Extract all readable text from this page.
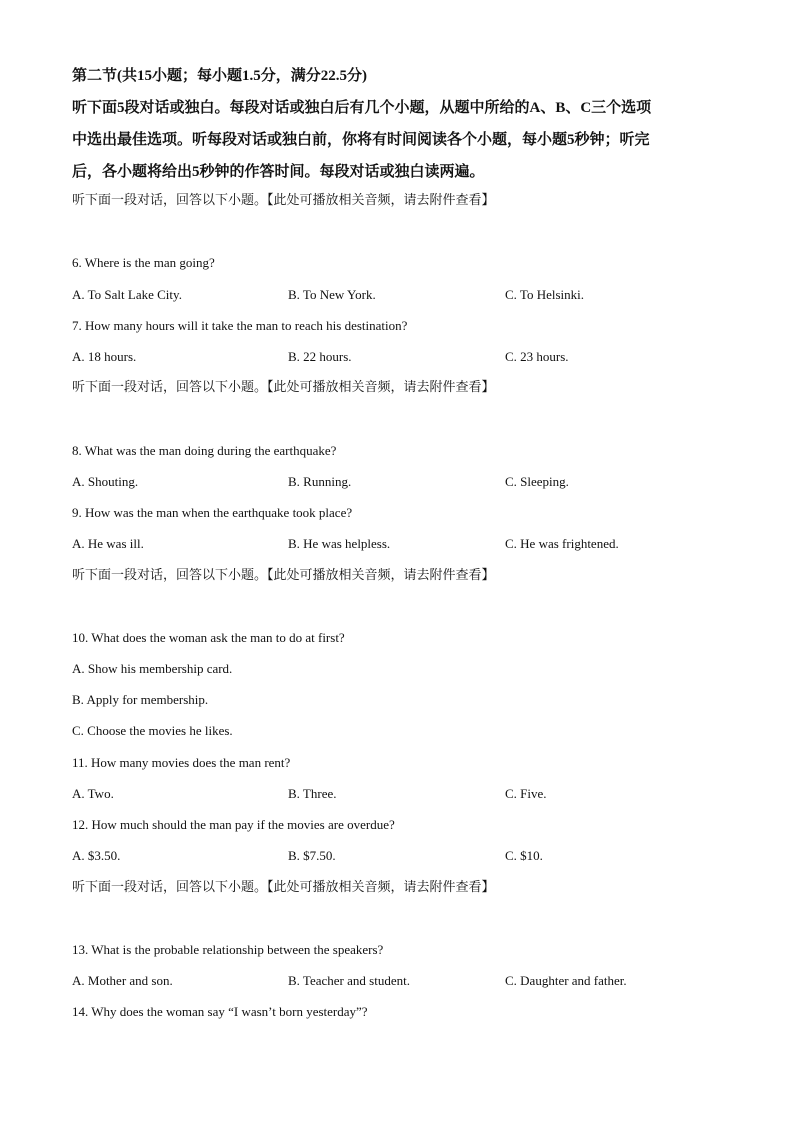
第二节(共15小题；每小题1.5分，满分22.5分)
听下面5段对话或独白。每段对话或独白后有几个小题，从题中所给的A、B、C三个选项
中选出最佳选项。听每段对话或独白前，你将有时间阅读各个小题，每小题5秒钟；听完
后，各小题将给出5秒钟的作答时间。每段对话或独白读两遍。
听下面一段对话，回答以下小题。【此处可播放相关音频，请去附件查看】
6. Where is the man going?
A. To Salt Lake City.	B. To New York.	C. To Helsinki.
7. How many hours will it take the man to reach his destination?
A. 18 hours.	B. 22 hours.	C. 23 hours.
听下面一段对话，回答以下小题。【此处可播放相关音频，请去附件查看】
8. What was the man doing during the earthquake?
A. Shouting.	B. Running.	C. Sleeping.
9. How was the man when the earthquake took place?
A. He was ill.	B. He was helpless.	C. He was frightened.
听下面一段对话，回答以下小题。【此处可播放相关音频，请去附件查看】
10. What does the woman ask the man to do at first?
A. Show his membership card.
B. Apply for membership.
C. Choose the movies he likes.
11. How many movies does the man rent?
A. Two.	B. Three.	C. Five.
12. How much should the man pay if the movies are overdue?
A. $3.50.	B. $7.50.	C. $10.
听下面一段对话，回答以下小题。【此处可播放相关音频，请去附件查看】
13. What is the probable relationship between the speakers?
A. Mother and son.	B. Teacher and student.	C. Daughter and father.
14. Why does the woman say “I wasn’t born yesterday”?
